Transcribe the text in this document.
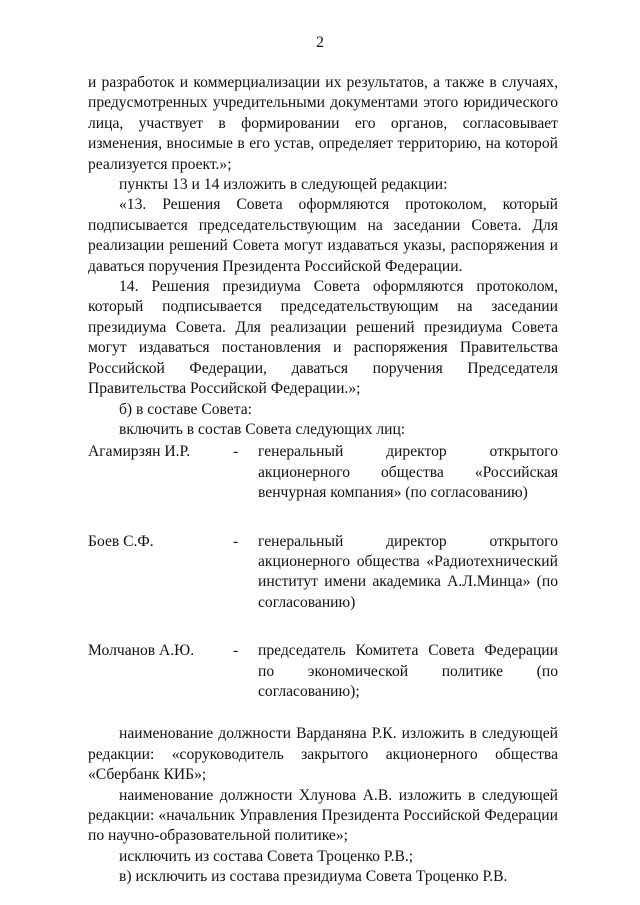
2

и разработок и коммерциализации их результатов, а также в случаях, предусмотренных учредительными документами этого юридического лица, участвует в формировании его органов, согласовывает изменения, вносимые в его устав, определяет территорию, на которой реализуется проект.»;

пункты 13 и 14 изложить в следующей редакции:

«13. Решения Совета оформляются протоколом, который подписывается председательствующим на заседании Совета. Для реализации решений Совета могут издаваться указы, распоряжения и даваться поручения Президента Российской Федерации.

14. Решения президиума Совета оформляются протоколом, который подписывается председательствующим на заседании президиума Совета. Для реализации решений президиума Совета могут издаваться постановления и распоряжения Правительства Российской Федерации, даваться поручения Председателя Правительства Российской Федерации.»;

б) в составе Совета:

включить в состав Совета следующих лиц:

Агамирзян И.Р.	-	генеральный директор открытого акционерного общества «Российская венчурная компания» (по согласованию)

Боев С.Ф.	-	генеральный директор открытого акционерного общества «Радиотехнический институт имени академика А.Л.Минца» (по согласованию)

Молчанов А.Ю.	-	председатель Комитета Совета Федерации по экономической политике (по согласованию);

наименование должности Варданяна Р.К. изложить в следующей редакции: «соруководитель закрытого акционерного общества «Сбербанк КИБ»;

наименование должности Хлунова А.В. изложить в следующей редакции: «начальник Управления Президента Российской Федерации по научно-образовательной политике»;

исключить из состава Совета Троценко Р.В.;

в) исключить из состава президиума Совета Троценко Р.В.
